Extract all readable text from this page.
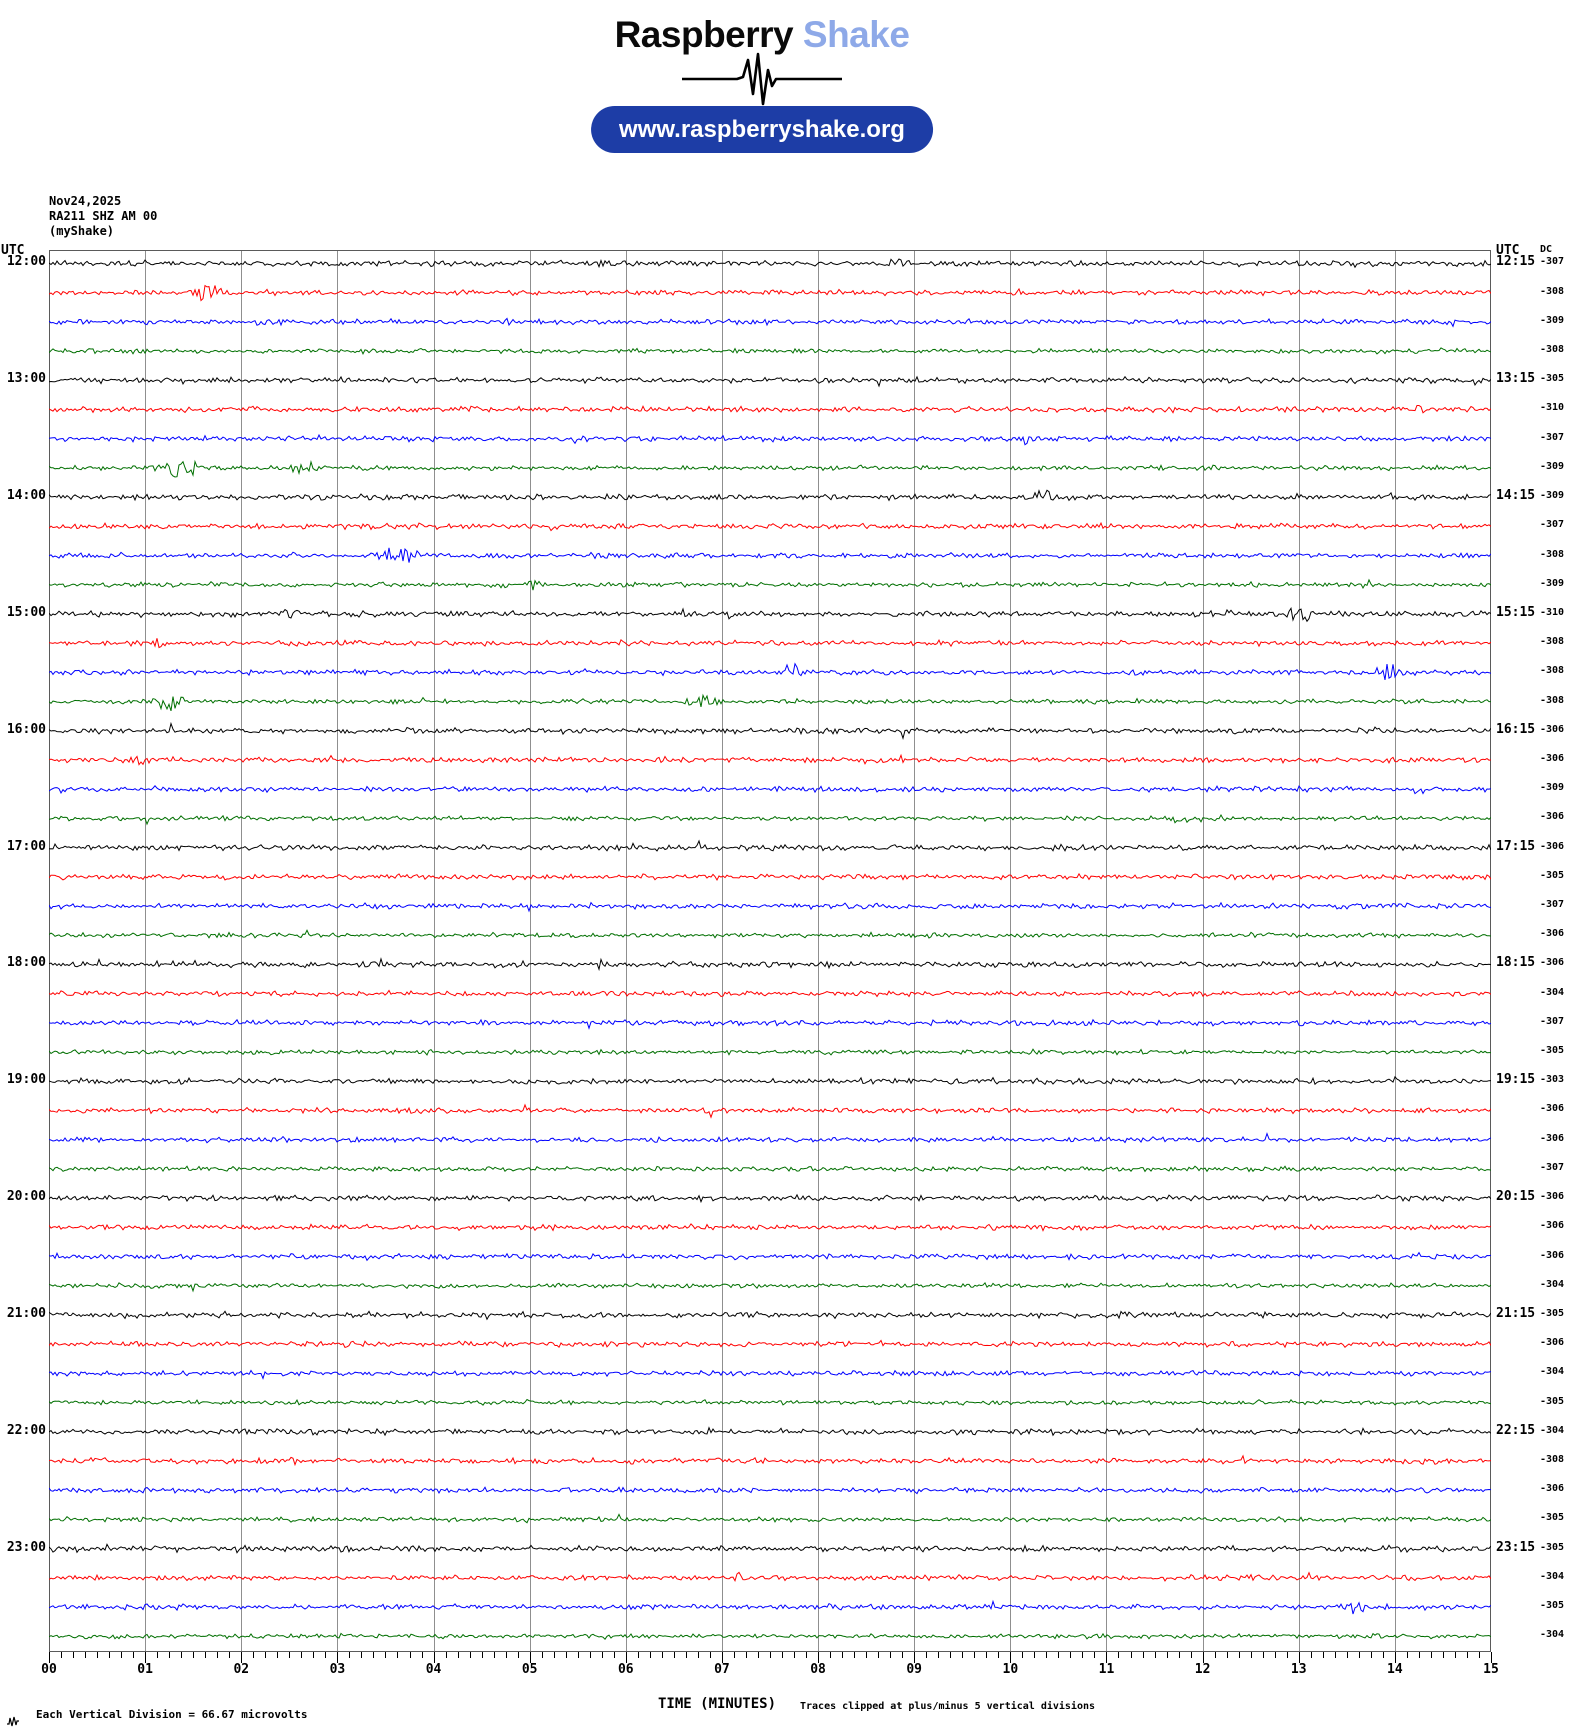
Raspberry Shake
www.raspberryshake.org
Nov24,2025
RA211 SHZ AM 00
(myShake)
UTC	UTC DC
12:00	12:15 -307
-308
-309
-308
13:00	13:15 -305
-310
-307
-309
14:00	14:15 -309
-307
-308
-309
15:00	15:15 -310
-308
-308
-308
16:00	16:15 -306
-306
-309
-306
17:00	17:15 -306
-305
-307
-306
18:00	18:15 -306
-304
-307
-305
19:00	19:15 -303
-306
-306
-307
20:00	20:15 -306
-306
-306
-304
21:00	21:15 -305
-306
-304
-305
22:00	22:15 -304
-308
-306
-305
23:00	23:15 -305
-304
-305
-304
00	01	02	03	04	05	06	07	08	09	10	11	12	13	14	15
TIME (MINUTES) Traces clipped at plus/minus 5 vertical divisions
Each Vertical Division = 66.67 microvolts
